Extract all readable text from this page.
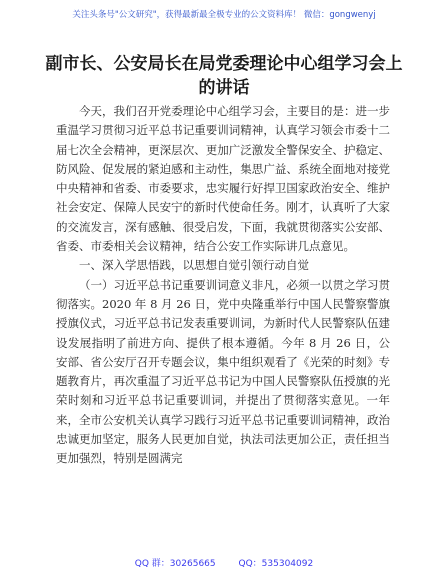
关注头条号"公文研究"，获得最新最全极专业的公文资料库！ 微信：gongwenyj
副市长、公安局长在局党委理论中心组学习会上的讲话

今天，我们召开党委理论中心组学习会，主要目的是：进一步重温学习贯彻习近平总书记重要训词精神，认真学习领会市委十二届七次全会精神，更深层次、更加广泛激发全警保安全、护稳定、防风险、促发展的紧迫感和主动性，集思广益、系统全面地对接党中央精神和省委、市委要求，忠实履行好捍卫国家政治安全、维护社会安定、保障人民安宁的新时代使命任务。刚才，认真听了大家的交流发言，深有感触、很受启发，下面，我就贯彻落实公安部、省委、市委相关会议精神，结合公安工作实际讲几点意见。

一、深入学思悟践，以思想自觉引领行动自觉

（一）习近平总书记重要训词意义非凡，必须一以贯之学习贯彻落实。2020 年 8 月 26 日，党中央隆重举行中国人民警察警旗授旗仪式，习近平总书记发表重要训词，为新时代人民警察队伍建设发展指明了前进方向、提供了根本遵循。今年 8 月 26 日，公安部、省公安厅召开专题会议，集中组织观看了《光荣的时刻》专题教育片，再次重温了习近平总书记为中国人民警察队伍授旗的光荣时刻和习近平总书记重要训词，并提出了贯彻落实意见。一年来，全市公安机关认真学习践行习近平总书记重要训词精神，政治忠诚更加坚定，服务人民更加自觉，执法司法更加公正，责任担当更加强烈，特别是圆满完

QQ 群：30265665	QQ：535304092
